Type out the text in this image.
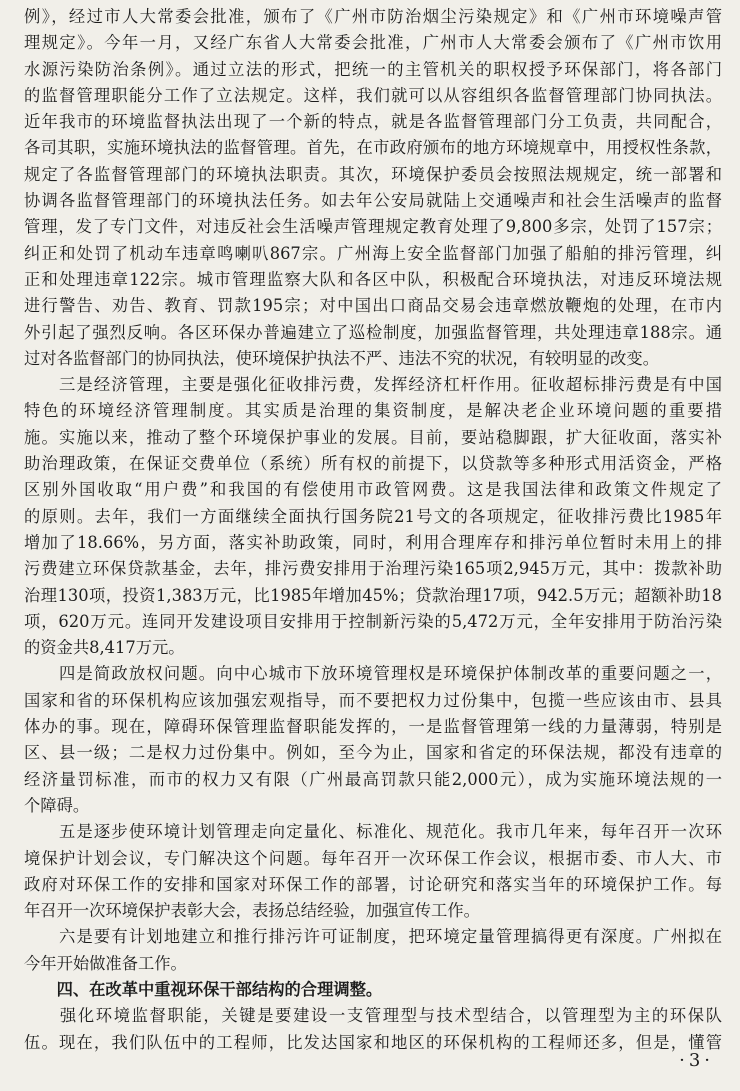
例》，经过市人大常委会批准，颁布了《广州市防治烟尘污染规定》和《广州市环境噪声管
理规定》。今年一月，又经广东省人大常委会批准，广州市人大常委会颁布了《广州市饮用
水源污染防治条例》。通过立法的形式，把统一的主管机关的职权授予环保部门，将各部门
的监督管理职能分工作了立法规定。这样，我们就可以从容组织各监督管理部门协同执法。
近年我市的环境监督执法出现了一个新的特点，就是各监督管理部门分工负责，共同配合，
各司其职，实施环境执法的监督管理。首先，在市政府颁布的地方环境规章中，用授权性条款，
规定了各监督管理部门的环境执法职责。其次，环境保护委员会按照法规规定，统一部署和
协调各监督管理部门的环境执法任务。如去年公安局就陆上交通噪声和社会生活噪声的监督
管理，发了专门文件，对违反社会生活噪声管理规定教育处理了9,800多宗，处罚了157宗；
纠正和处罚了机动车违章鸣喇叭867宗。广州海上安全监督部门加强了船舶的排污管理，纠
正和处理违章122宗。城市管理监察大队和各区中队，积极配合环境执法，对违反环境法规
进行警告、劝告、教育、罚款195宗；对中国出口商品交易会违章燃放鞭炮的处理，在市内
外引起了强烈反响。各区环保办普遍建立了巡检制度，加强监督管理，共处理违章188宗。通
过对各监督部门的协同执法，使环境保护执法不严、违法不究的状况，有较明显的改变。
　　三是经济管理，主要是强化征收排污费，发挥经济杠杆作用。征收超标排污费是有中国
特色的环境经济管理制度。其实质是治理的集资制度，是解决老企业环境问题的重要措
施。实施以来，推动了整个环境保护事业的发展。目前，要站稳脚跟，扩大征收面，落实补
助治理政策，在保证交费单位（系统）所有权的前提下，以贷款等多种形式用活资金，严格
区别外国收取“用户费”和我国的有偿使用市政管网费。这是我国法律和政策文件规定了
的原则。去年，我们一方面继续全面执行国务院21号文的各项规定，征收排污费比1985年
增加了18.66%，另方面，落实补助政策，同时，利用合理库存和排污单位暂时未用上的排
污费建立环保贷款基金，去年，排污费安排用于治理污染165项2,945万元，其中：拨款补助
治理130项，投资1,383万元，比1985年增加45%；贷款治理17项，942.5万元；超额补助18
项，620万元。连同开发建设项目安排用于控制新污染的5,472万元，全年安排用于防治污染
的资金共8,417万元。
　　四是简政放权问题。向中心城市下放环境管理权是环境保护体制改革的重要问题之一，
国家和省的环保机构应该加强宏观指导，而不要把权力过份集中，包揽一些应该由市、县具
体办的事。现在，障碍环保管理监督职能发挥的，一是监督管理第一线的力量薄弱，特别是
区、县一级；二是权力过份集中。例如，至今为止，国家和省定的环保法规，都没有违章的
经济量罚标准，而市的权力又有限（广州最高罚款只能2,000元），成为实施环境法规的一
个障碍。
　　五是逐步使环境计划管理走向定量化、标准化、规范化。我市几年来，每年召开一次环
境保护计划会议，专门解决这个问题。每年召开一次环保工作会议，根据市委、市人大、市
政府对环保工作的安排和国家对环保工作的部署，讨论研究和落实当年的环境保护工作。每
年召开一次环境保护表彰大会，表扬总结经验，加强宣传工作。
　　六是要有计划地建立和推行排污许可证制度，把环境定量管理搞得更有深度。广州拟在
今年开始做准备工作。
　　四、在改革中重视环保干部结构的合理调整。
　　强化环境监督职能，关键是要建设一支管理型与技术型结合，以管理型为主的环保队
伍。现在，我们队伍中的工程师，比发达国家和地区的环保机构的工程师还多，但是，懂管
·3·
